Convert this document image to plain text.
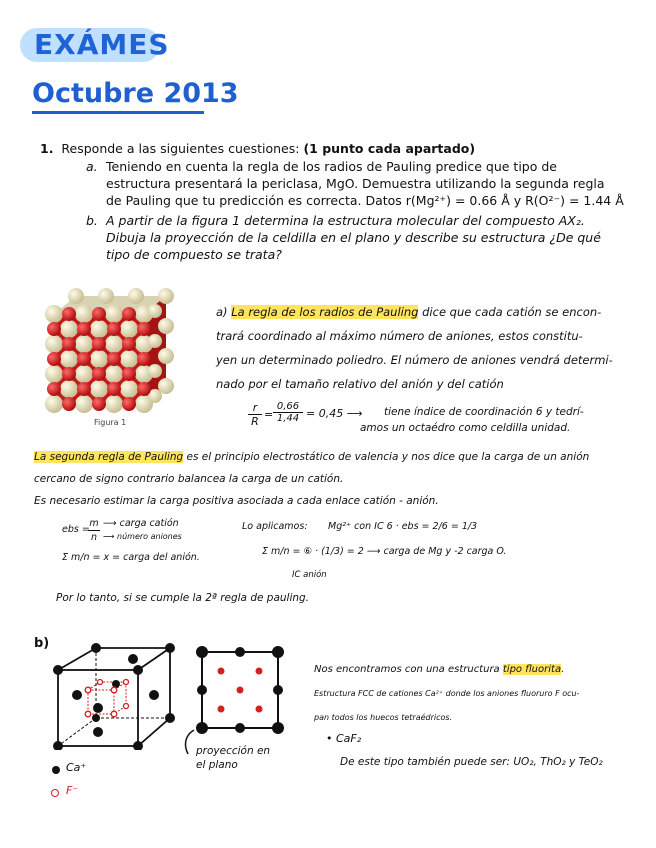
EXÁMES
Octubre 2013
1. Responde a las siguientes cuestiones: (1 punto cada apartado)
a. Teniendo en cuenta la regla de los radios de Pauling predice que tipo de
estructura presentará la periclasa, MgO. Demuestra utilizando la segunda regla
de Pauling que tu predicción es correcta. Datos r(Mg²⁺) = 0.66 Å y R(O²⁻) = 1.44 Å
b. A partir de la figura 1 determina la estructura molecular del compuesto AX₂.
Dibuja la proyección de la celdilla en el plano y describe su estructura ¿De qué
tipo de compuesto se trata?
Figura 1
a) La regla de los radios de Pauling dice que cada catión se encon-
trará coordinado al máximo número de aniones, estos constitu-
yen un determinado poliedro. El número de aniones vendrá determi-
nado por el tamaño relativo del anión y del catión
$\frac{r}{R} = \frac{0,66}{1,44} = 0,45$ ⟶ tiene índice de coordinación 6 y tedrí-
amos un octaédro como celdilla unidad.
La segunda regla de Pauling es el principio electrostático de valencia y nos dice que la carga de un anión
cercano de signo contrario balancea la carga de un catión.
Es necesario estimar la carga positiva asociada a cada enlace catión - anión.
ebs =
m
n
⟶ carga catión
⟶ número aniones
Σ m/n = x = carga del anión.
Lo aplicamos: Mg²⁺ con IC 6 · ebs = 2/6 = 1/3
Σ m/n = ⑥ · (1/3) = 2 ⟶ carga de Mg y -2 carga O.
IC anión
Por lo tanto, si se cumple la 2ª regla de pauling.
b)
proyección en
el plano
Ca⁺
F⁻
Nos encontramos con una estructura tipo fluorita.
Estructura FCC de cationes Ca²⁺ donde los aniones fluoruro F ocu-
pan todos los huecos tetraédricos.
• CaF₂
De este tipo también puede ser: UO₂, ThO₂ y TeO₂
